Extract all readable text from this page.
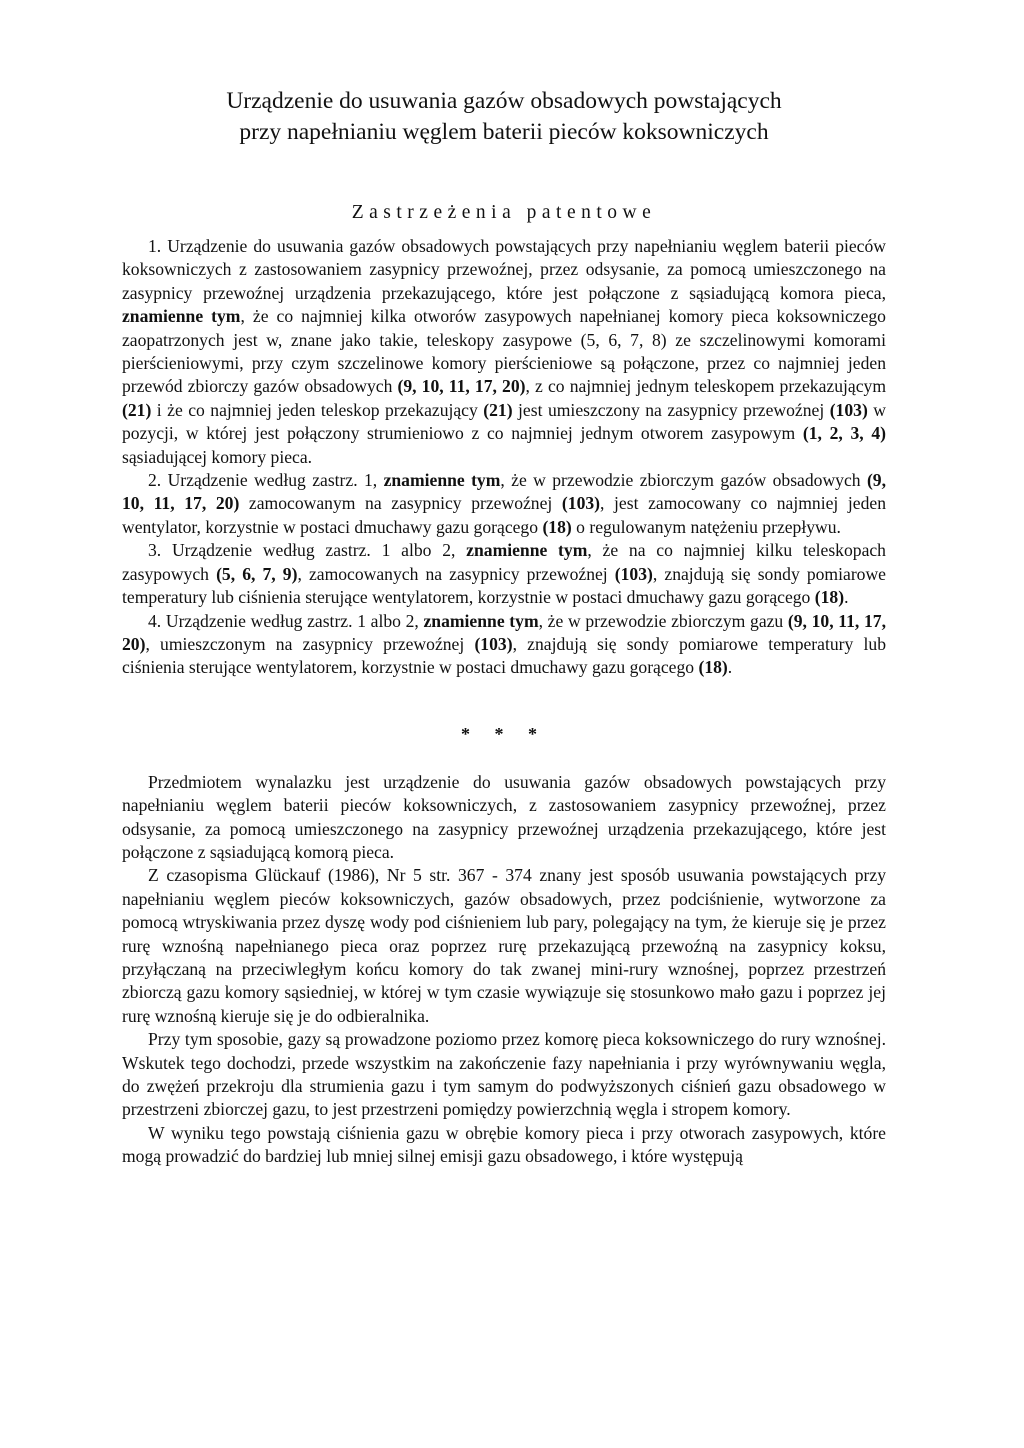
Urządzenie do usuwania gazów obsadowych powstających
przy napełnianiu węglem baterii pieców koksowniczych
Zastrzeżenia patentowe

1. Urządzenie do usuwania gazów obsadowych powstających przy napełnianiu węglem baterii pieców koksowniczych z zastosowaniem zasypnicy przewoźnej, przez odsysanie, za pomocą umieszczonego na zasypnicy przewoźnej urządzenia przekazującego, które jest połączone z sąsiadującą komora pieca, znamienne tym, że co najmniej kilka otworów zasypowych napełnianej komory pieca koksowniczego zaopatrzonych jest w, znane jako takie, teleskopy zasypowe (5, 6, 7, 8) ze szczelinowymi komorami pierścieniowymi, przy czym szczelinowe komory pierścieniowe są połączone, przez co najmniej jeden przewód zbiorczy gazów obsadowych (9, 10, 11, 17, 20), z co najmniej jednym teleskopem przekazującym (21) i że co najmniej jeden teleskop przekazujący (21) jest umieszczony na zasypnicy przewoźnej (103) w pozycji, w której jest połączony strumieniowo z co najmniej jednym otworem zasypowym (1, 2, 3, 4) sąsiadującej komory pieca.

2. Urządzenie według zastrz. 1, znamienne tym, że w przewodzie zbiorczym gazów obsadowych (9, 10, 11, 17, 20) zamocowanym na zasypnicy przewoźnej (103), jest zamocowany co najmniej jeden wentylator, korzystnie w postaci dmuchawy gazu gorącego (18) o regulowanym natężeniu przepływu.

3. Urządzenie według zastrz. 1 albo 2, znamienne tym, że na co najmniej kilku teleskopach zasypowych (5, 6, 7, 9), zamocowanych na zasypnicy przewoźnej (103), znajdują się sondy pomiarowe temperatury lub ciśnienia sterujące wentylatorem, korzystnie w postaci dmuchawy gazu gorącego (18).

4. Urządzenie według zastrz. 1 albo 2, znamienne tym, że w przewodzie zbiorczym gazu (9, 10, 11, 17, 20), umieszczonym na zasypnicy przewoźnej (103), znajdują się sondy pomiarowe temperatury lub ciśnienia sterujące wentylatorem, korzystnie w postaci dmuchawy gazu gorącego (18).

* * *

Przedmiotem wynalazku jest urządzenie do usuwania gazów obsadowych powstających przy napełnianiu węglem baterii pieców koksowniczych, z zastosowaniem zasypnicy przewoźnej, przez odsysanie, za pomocą umieszczonego na zasypnicy przewoźnej urządzenia przekazującego, które jest połączone z sąsiadującą komorą pieca.

Z czasopisma Glückauf (1986), Nr 5 str. 367 - 374 znany jest sposób usuwania powstających przy napełnianiu węglem pieców koksowniczych, gazów obsadowych, przez podciśnienie, wytworzone za pomocą wtryskiwania przez dyszę wody pod ciśnieniem lub pary, polegający na tym, że kieruje się je przez rurę wznośną napełnianego pieca oraz poprzez rurę przekazującą przewoźną na zasypnicy koksu, przyłączaną na przeciwległym końcu komory do tak zwanej mini-rury wznośnej, poprzez przestrzeń zbiorczą gazu komory sąsiedniej, w której w tym czasie wywiązuje się stosunkowo mało gazu i poprzez jej rurę wznośną kieruje się je do odbieralnika.

Przy tym sposobie, gazy są prowadzone poziomo przez komorę pieca koksowniczego do rury wznośnej. Wskutek tego dochodzi, przede wszystkim na zakończenie fazy napełniania i przy wyrównywaniu węgla, do zwężeń przekroju dla strumienia gazu i tym samym do podwyższonych ciśnień gazu obsadowego w przestrzeni zbiorczej gazu, to jest przestrzeni pomiędzy powierzchnią węgla i stropem komory.

W wyniku tego powstają ciśnienia gazu w obrębie komory pieca i przy otworach zasypowych, które mogą prowadzić do bardziej lub mniej silnej emisji gazu obsadowego, i które występują
